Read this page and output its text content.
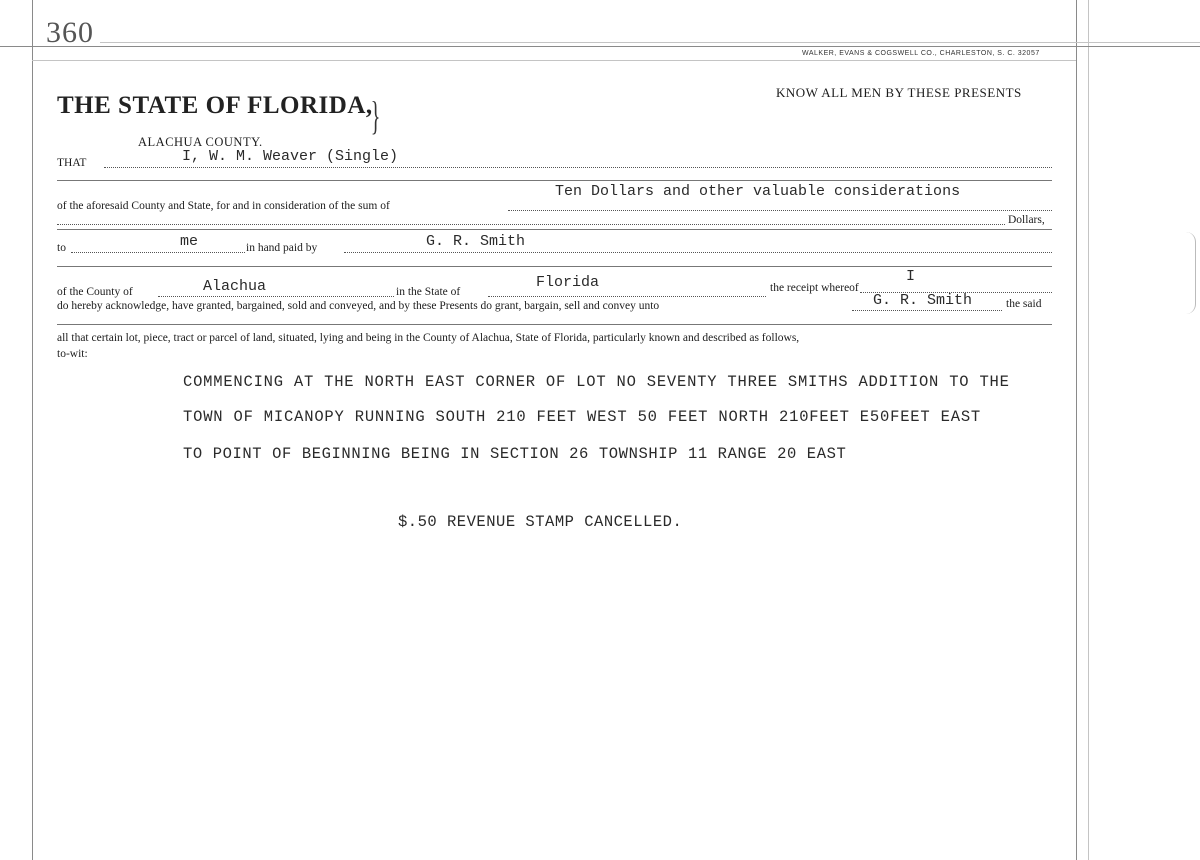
360
WALKER, EVANS & COGSWELL CO., CHARLESTON, S. C. 32057
THE STATE OF FLORIDA,
}
KNOW ALL MEN BY THESE PRESENTS
ALACHUA COUNTY.
THAT	I, W. M. Weaver (Single)
of the aforesaid County and State, for and in consideration of the sum of
Ten Dollars and other valuable considerations
Dollars,
to	me	in hand paid by	G. R. Smith
of the County of	Alachua	in the State of
Florida	the receipt whereof
I
do hereby acknowledge, have granted, bargained, sold and conveyed, and by these Presents do grant, bargain, sell and convey unto	G. R. Smith	the said
all that certain lot, piece, tract or parcel of land, situated, lying and being in the County of Alachua, State of Florida, particularly known and described as follows,
to-wit:
COMMENCING AT THE NORTH EAST CORNER OF LOT NO SEVENTY THREE SMITHS ADDITION TO THE
TOWN OF MICANOPY RUNNING SOUTH 210 FEET WEST 50 FEET NORTH 210FEET E50FEET EAST
TO POINT OF BEGINNING BEING IN SECTION 26 TOWNSHIP 11 RANGE 20 EAST
$.50 REVENUE STAMP CANCELLED.
